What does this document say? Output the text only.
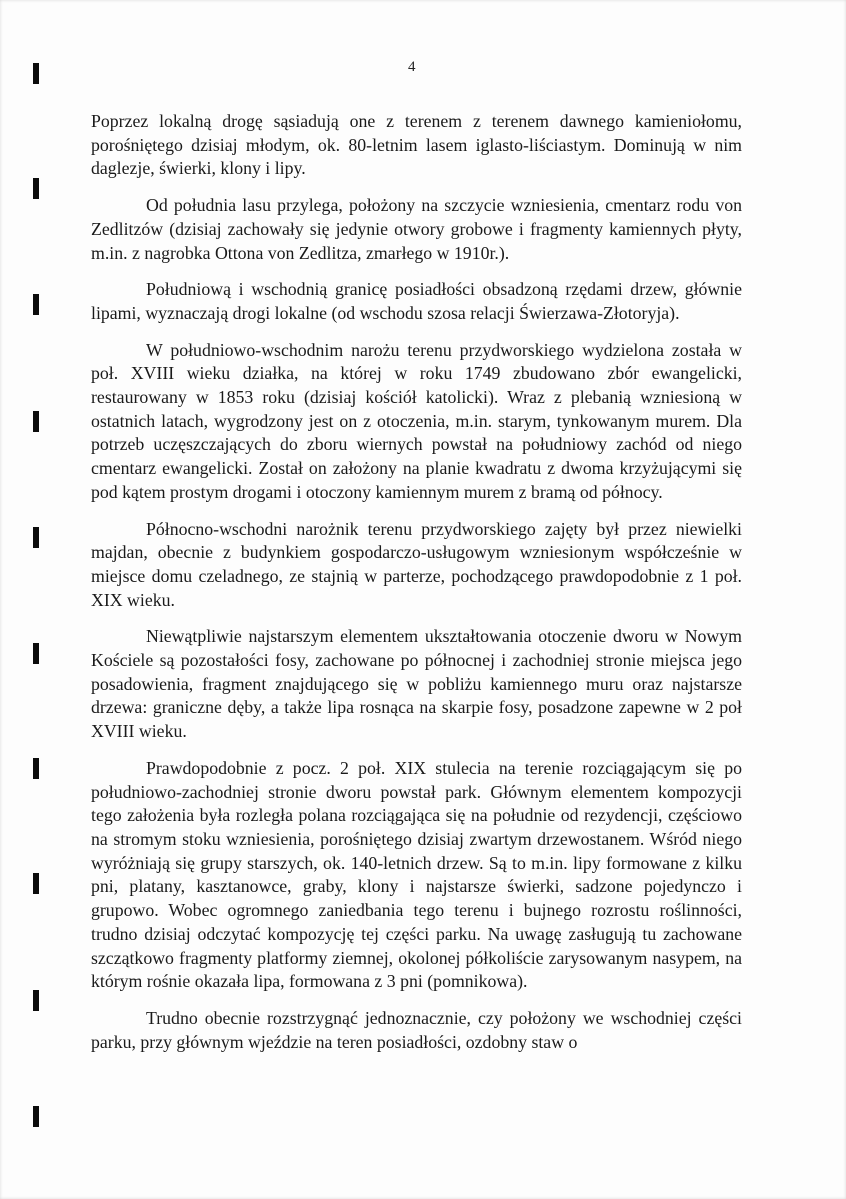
4

Poprzez lokalną drogę sąsiadują one z terenem z terenem dawnego kamieniołomu, porośniętego dzisiaj młodym, ok. 80-letnim lasem iglasto-liściastym. Dominują w nim daglezje, świerki, klony i lipy.

Od południa lasu przylega, położony na szczycie wzniesienia, cmentarz rodu von Zedlitzów (dzisiaj zachowały się jedynie otwory grobowe i fragmenty kamiennych płyty, m.in. z nagrobka Ottona von Zedlitza, zmarłego w 1910r.).

Południową i wschodnią granicę posiadłości obsadzoną rzędami drzew, głównie lipami, wyznaczają drogi lokalne (od wschodu szosa relacji Świerzawa-Złotoryja).

W południowo-wschodnim narożu terenu przydworskiego wydzielona została w poł. XVIII wieku działka, na której w roku 1749 zbudowano zbór ewangelicki, restaurowany w 1853 roku (dzisiaj kościół katolicki). Wraz z plebanią wzniesioną w ostatnich latach, wygrodzony jest on z otoczenia, m.in. starym, tynkowanym murem. Dla potrzeb uczęszczających do zboru wiernych powstał na południowy zachód od niego cmentarz ewangelicki. Został on założony na planie kwadratu z dwoma krzyżującymi się pod kątem prostym drogami i otoczony kamiennym murem z bramą od północy.

Północno-wschodni narożnik terenu przydworskiego zajęty był przez niewielki majdan, obecnie z budynkiem gospodarczo-usługowym wzniesionym współcześnie w miejsce domu czeladnego, ze stajnią w parterze, pochodzącego prawdopodobnie z 1 poł. XIX wieku.

Niewątpliwie najstarszym elementem ukształtowania otoczenie dworu w Nowym Kościele są pozostałości fosy, zachowane po północnej i zachodniej stronie miejsca jego posadowienia, fragment znajdującego się w pobliżu kamiennego muru oraz najstarsze drzewa: graniczne dęby, a także lipa rosnąca na skarpie fosy, posadzone zapewne w 2 poł XVIII wieku.

Prawdopodobnie z pocz. 2 poł. XIX stulecia na terenie rozciągającym się po południowo-zachodniej stronie dworu powstał park. Głównym elementem kompozycji tego założenia była rozległa polana rozciągająca się na południe od rezydencji, częściowo na stromym stoku wzniesienia, porośniętego dzisiaj zwartym drzewostanem. Wśród niego wyróżniają się grupy starszych, ok. 140-letnich drzew. Są to m.in. lipy formowane z kilku pni, platany, kasztanowce, graby, klony i najstarsze świerki, sadzone pojedynczo i grupowo. Wobec ogromnego zaniedbania tego terenu i bujnego rozrostu roślinności, trudno dzisiaj odczytać kompozycję tej części parku. Na uwagę zasługują tu zachowane szczątkowo fragmenty platformy ziemnej, okolonej półkoliście zarysowanym nasypem, na którym rośnie okazała lipa, formowana z 3 pni (pomnikowa).

Trudno obecnie rozstrzygnąć jednoznacznie, czy położony we wschodniej części parku, przy głównym wjeździe na teren posiadłości, ozdobny staw o
